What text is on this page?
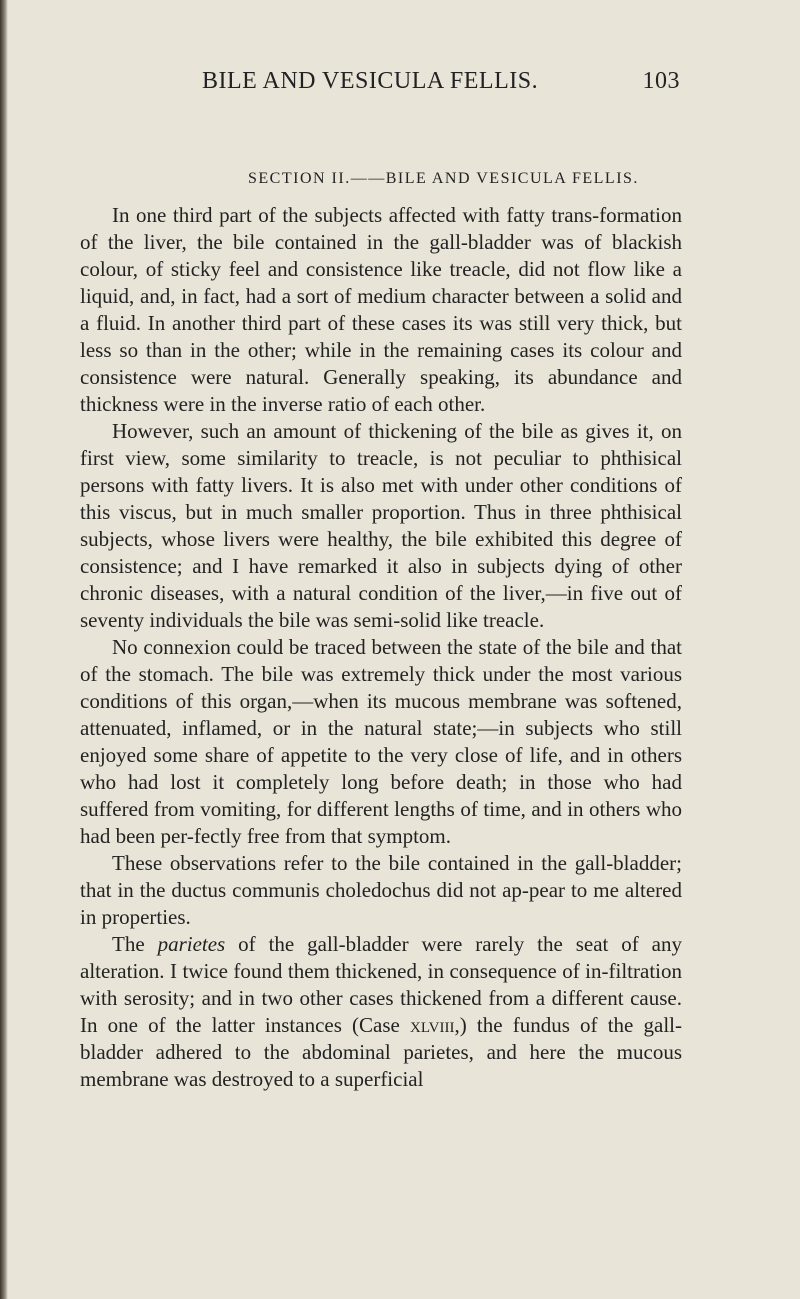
BILE AND VESICULA FELLIS.	103
SECTION II.——BILE AND VESICULA FELLIS.

In one third part of the subjects affected with fatty trans-formation of the liver, the bile contained in the gall-bladder was of blackish colour, of sticky feel and consistence like treacle, did not flow like a liquid, and, in fact, had a sort of medium character between a solid and a fluid. In another third part of these cases its was still very thick, but less so than in the other; while in the remaining cases its colour and consistence were natural. Generally speaking, its abundance and thickness were in the inverse ratio of each other.

However, such an amount of thickening of the bile as gives it, on first view, some similarity to treacle, is not peculiar to phthisical persons with fatty livers. It is also met with under other conditions of this viscus, but in much smaller proportion. Thus in three phthisical subjects, whose livers were healthy, the bile exhibited this degree of consistence; and I have remarked it also in subjects dying of other chronic diseases, with a natural condition of the liver,—in five out of seventy individuals the bile was semi-solid like treacle.

No connexion could be traced between the state of the bile and that of the stomach. The bile was extremely thick under the most various conditions of this organ,—when its mucous membrane was softened, attenuated, inflamed, or in the natural state;—in subjects who still enjoyed some share of appetite to the very close of life, and in others who had lost it completely long before death; in those who had suffered from vomiting, for different lengths of time, and in others who had been per-fectly free from that symptom.

These observations refer to the bile contained in the gall-bladder; that in the ductus communis choledochus did not ap-pear to me altered in properties.

The parietes of the gall-bladder were rarely the seat of any alteration. I twice found them thickened, in consequence of in-filtration with serosity; and in two other cases thickened from a different cause. In one of the latter instances (Case xlviii,) the fundus of the gall-bladder adhered to the abdominal parietes, and here the mucous membrane was destroyed to a superficial
